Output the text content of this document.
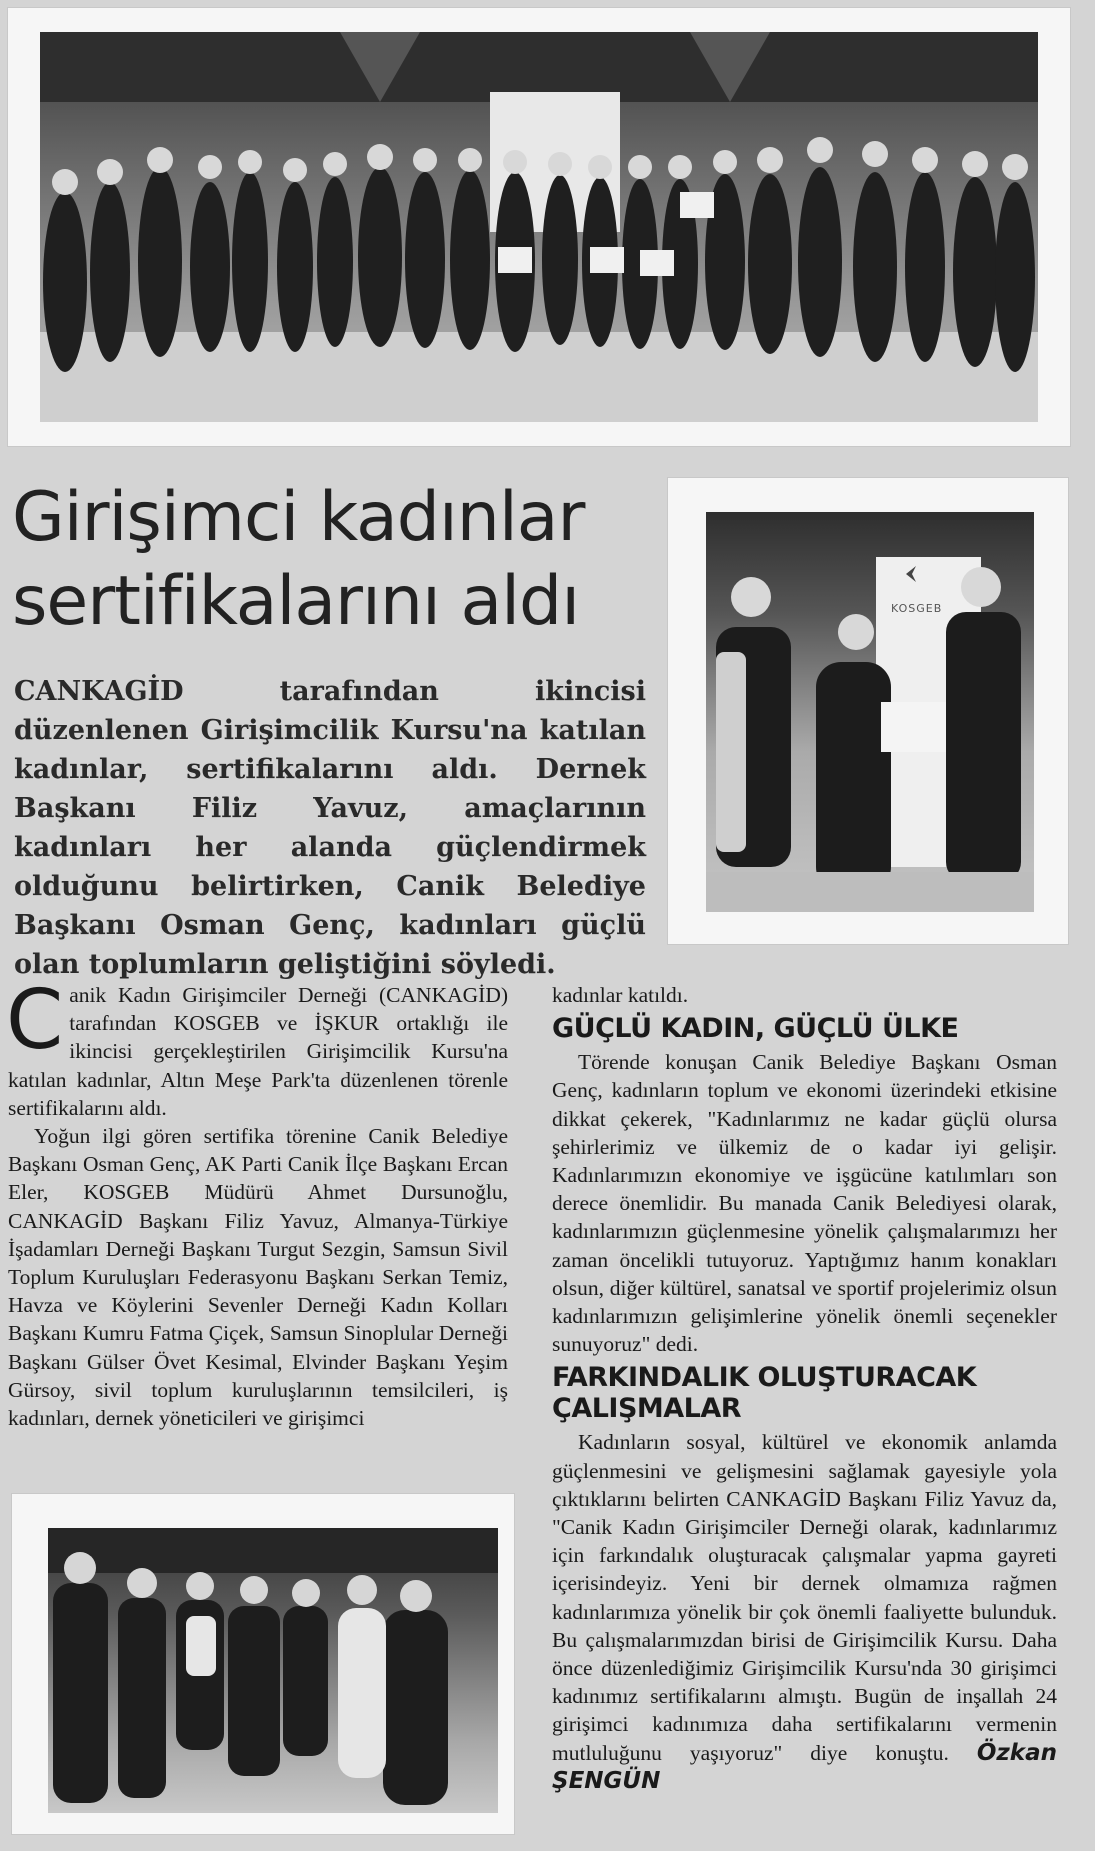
Girişimci kadınlar sertifikalarını aldı

CANKAGİD tarafından ikincisi düzenlenen Girişimcilik Kursu'na katılan kadınlar, sertifikalarını aldı. Dernek Başkanı Filiz Yavuz, amaçlarının kadınları her alanda güçlendirmek olduğunu belirtirken, Canik Belediye Başkanı Osman Genç, kadınları güçlü olan toplumların geliştiğini söyledi.

KOSGEB

Canik Kadın Girişimciler Derneği (CANKAGİD) tarafından KOSGEB ve İŞKUR ortaklığı ile ikincisi gerçekleştirilen Girişimcilik Kursu'na katılan kadınlar, Altın Meşe Park'ta düzenlenen törenle sertifikalarını aldı.

Yoğun ilgi gören sertifika törenine Canik Belediye Başkanı Osman Genç, AK Parti Canik İlçe Başkanı Ercan Eler, KOSGEB Müdürü Ahmet Dursunoğlu, CANKAGİD Başkanı Filiz Yavuz, Almanya-Türkiye İşadamları Derneği Başkanı Turgut Sezgin, Samsun Sivil Toplum Kuruluşları Federasyonu Başkanı Serkan Temiz, Havza ve Köylerini Sevenler Derneği Kadın Kolları Başkanı Kumru Fatma Çiçek, Samsun Sinoplular Derneği Başkanı Gülser Övet Kesimal, Elvinder Başkanı Yeşim Gürsoy, sivil toplum kuruluşlarının temsilcileri, iş kadınları, dernek yöneticileri ve girişimci

kadınlar katıldı.

GÜÇLÜ KADIN, GÜÇLÜ ÜLKE

Törende konuşan Canik Belediye Başkanı Osman Genç, kadınların toplum ve ekonomi üzerindeki etkisine dikkat çekerek, "Kadınlarımız ne kadar güçlü olursa şehirlerimiz ve ülkemiz de o kadar iyi gelişir. Kadınlarımızın ekonomiye ve işgücüne katılımları son derece önemlidir. Bu manada Canik Belediyesi olarak, kadınlarımızın güçlenmesine yönelik çalışmalarımızı her zaman öncelikli tutuyoruz. Yaptığımız hanım konakları olsun, diğer kültürel, sanatsal ve sportif projelerimiz olsun kadınlarımızın gelişimlerine yönelik önemli seçenekler sunuyoruz" dedi.

FARKINDALIK OLUŞTURACAK ÇALIŞMALAR

Kadınların sosyal, kültürel ve ekonomik anlamda güçlenmesini ve gelişmesini sağlamak gayesiyle yola çıktıklarını belirten CANKAGİD Başkanı Filiz Yavuz da, "Canik Kadın Girişimciler Derneği olarak, kadınlarımız için farkındalık oluşturacak çalışmalar yapma gayreti içerisindeyiz. Yeni bir dernek olmamıza rağmen kadınlarımıza yönelik bir çok önemli faaliyette bulunduk. Bu çalışmalarımızdan birisi de Girişimcilik Kursu. Daha önce düzenlediğimiz Girişimcilik Kursu'nda 30 girişimci kadınımız sertifikalarını almıştı. Bugün de inşallah 24 girişimci kadınımıza daha sertifikalarını vermenin mutluluğunu yaşıyoruz" diye konuştu. Özkan ŞENGÜN
